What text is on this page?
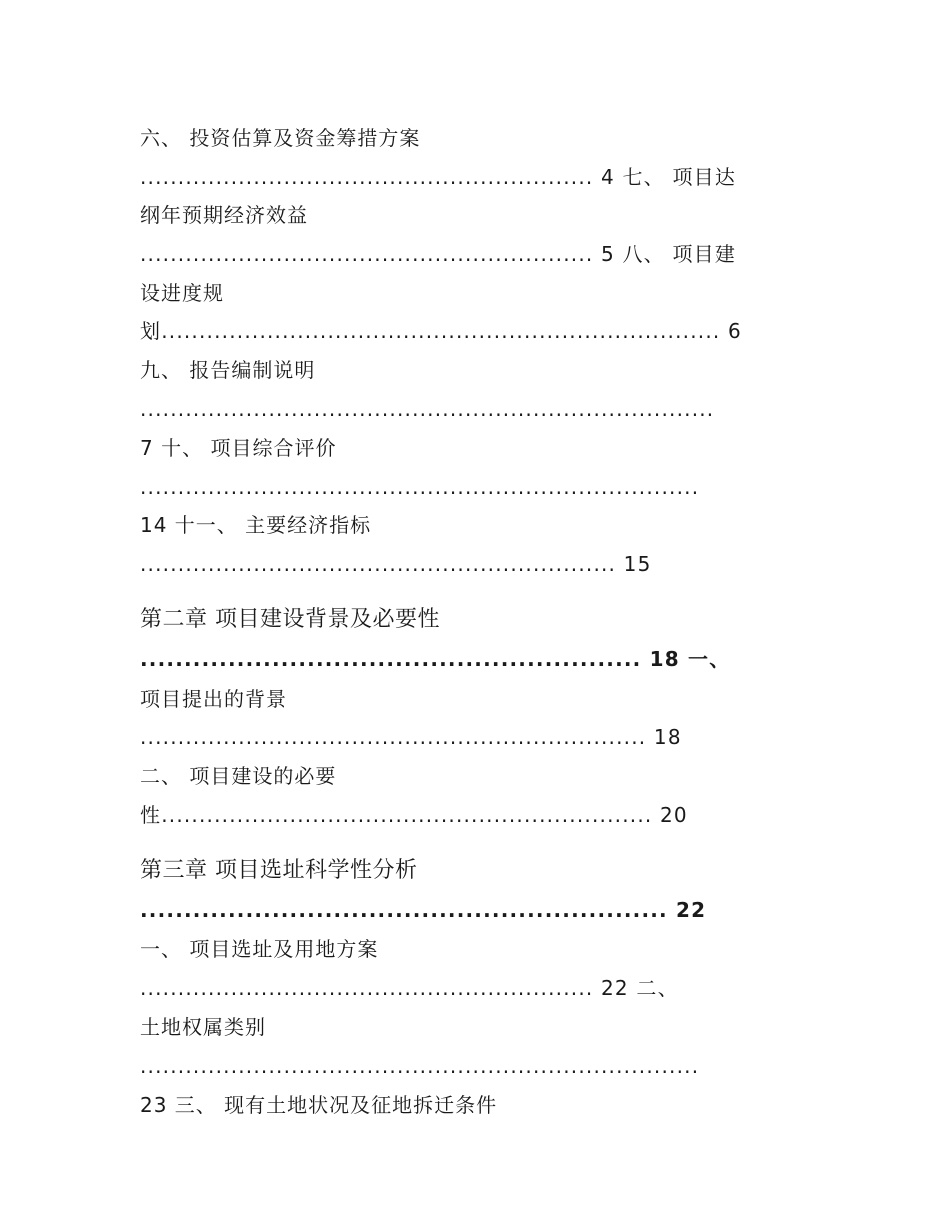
六、 投资估算及资金筹措方案
............................................................ 4 七、 项目达
纲年预期经济效益
............................................................ 5 八、 项目建
设进度规
划.......................................................................... 6
九、 报告编制说明
............................................................................
7 十、 项目综合评价
..........................................................................
14 十一、 主要经济指标
............................................................... 15
第二章 项目建设背景及必要性
......................................................... 18 一、
项目提出的背景
................................................................... 18
二、 项目建设的必要
性................................................................. 20
第三章 项目选址科学性分析
............................................................ 22
一、 项目选址及用地方案
............................................................ 22 二、
土地权属类别
..........................................................................
23 三、 现有土地状况及征地拆迁条件
